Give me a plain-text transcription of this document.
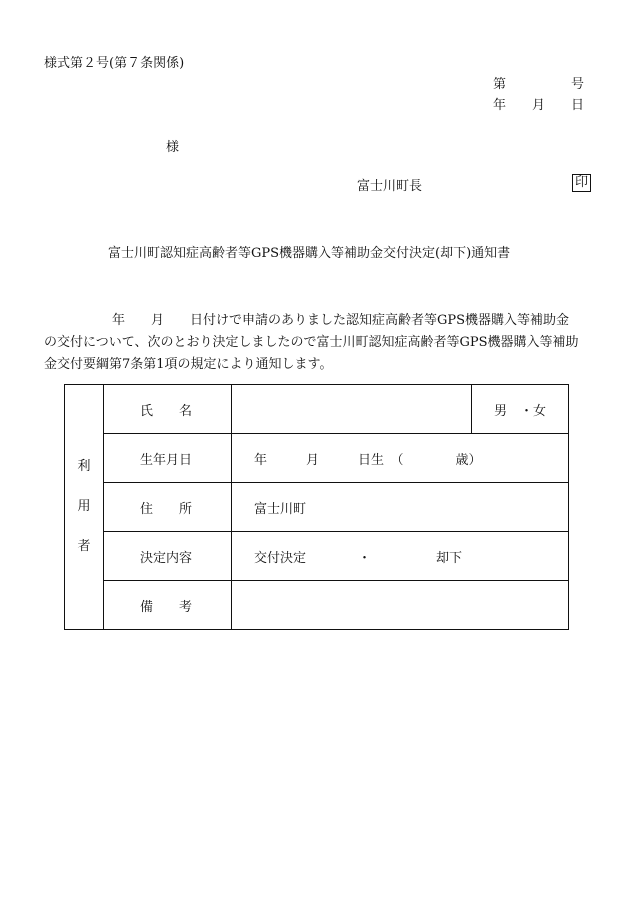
様式第２号(第７条関係)
第　　　　　号
年　　月　　日
様
富士川町長	印
富士川町認知症高齢者等GPS機器購入等補助金交付決定(却下)通知書
年　　月　　日付けで申請のありました認知症高齢者等GPS機器購入等補助金
の交付について、次のとおり決定しましたので富士川町認知症高齢者等GPS機器購入等補助
金交付要綱第7条第1項の規定により通知します。
利
用
者	氏　　名		男　・女
	生年月日	年　　　月　　　日生　（　　　　歳）	
	住　　所	富士川町	
	決定内容	交付決定　　　　・　　　　　却下	
	備　　考		
